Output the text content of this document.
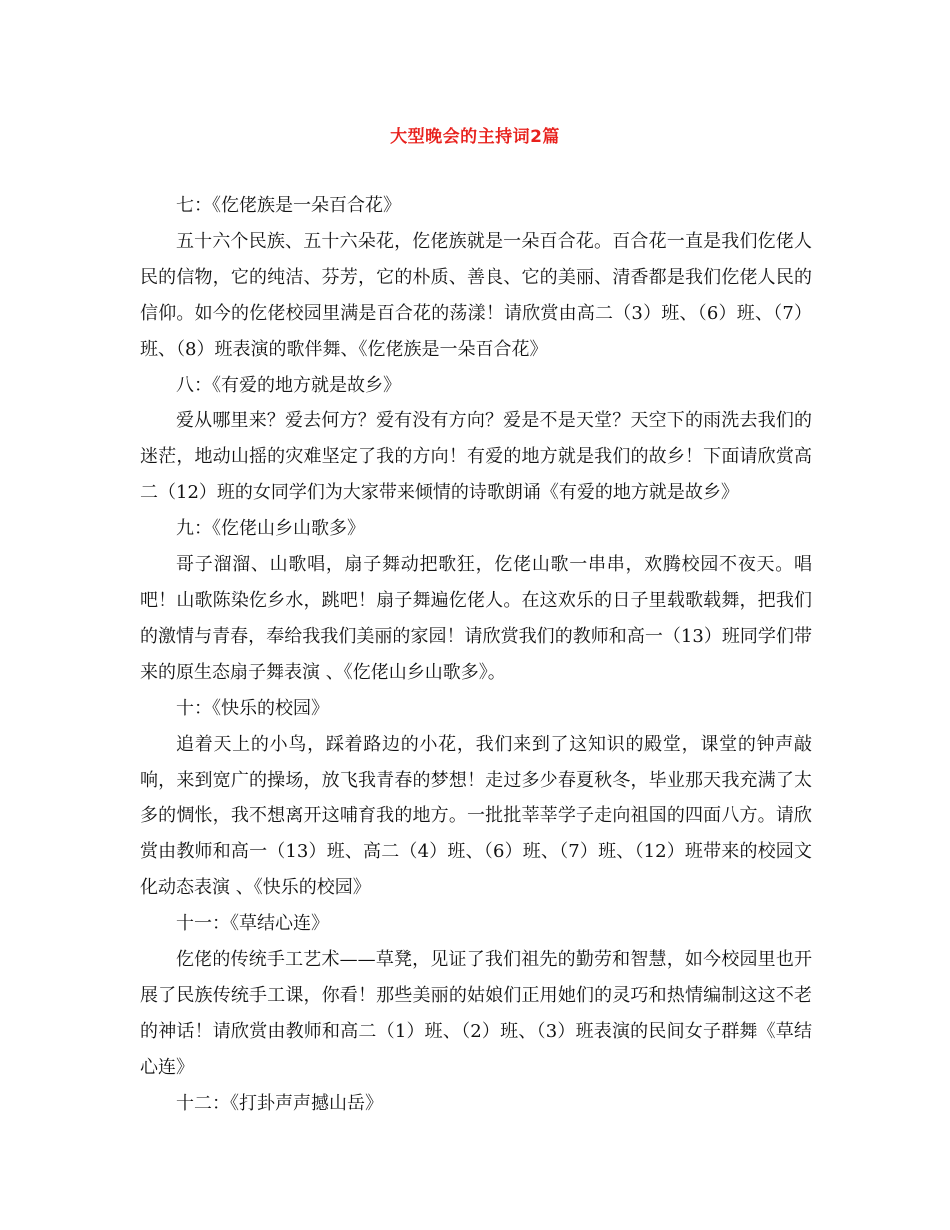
大型晚会的主持词2篇

七：《仡佬族是一朵百合花》

五十六个民族、五十六朵花，仡佬族就是一朵百合花。百合花一直是我们仡佬人民的信物，它的纯洁、芬芳，它的朴质、善良、它的美丽、清香都是我们仡佬人民的信仰。如今的仡佬校园里满是百合花的荡漾！请欣赏由高二（3）班、（6）班、（7）班、（8）班表演的歌伴舞、《仡佬族是一朵百合花》

八：《有爱的地方就是故乡》

爱从哪里来？爱去何方？爱有没有方向？爱是不是天堂？天空下的雨洗去我们的迷茫，地动山摇的灾难坚定了我的方向！有爱的地方就是我们的故乡！下面请欣赏高二（12）班的女同学们为大家带来倾情的诗歌朗诵《有爱的地方就是故乡》

九：《仡佬山乡山歌多》

哥子溜溜、山歌唱，扇子舞动把歌狂，仡佬山歌一串串，欢腾校园不夜天。唱吧！山歌陈染仡乡水，跳吧！扇子舞遍仡佬人。在这欢乐的日子里载歌载舞，把我们的激情与青春，奉给我我们美丽的家园！请欣赏我们的教师和高一（13）班同学们带来的原生态扇子舞表演 、《仡佬山乡山歌多》。

十：《快乐的校园》

追着天上的小鸟，踩着路边的小花，我们来到了这知识的殿堂，课堂的钟声敲响，来到宽广的操场，放飞我青春的梦想！走过多少春夏秋冬，毕业那天我充满了太多的惆怅，我不想离开这哺育我的地方。一批批莘莘学子走向祖国的四面八方。请欣赏由教师和高一（13）班、高二（4）班、（6）班、（7）班、（12）班带来的校园文化动态表演 、《快乐的校园》

十一：《草结心连》

仡佬的传统手工艺术——草凳，见证了我们祖先的勤劳和智慧，如今校园里也开展了民族传统手工课，你看！那些美丽的姑娘们正用她们的灵巧和热情编制这这不老的神话！请欣赏由教师和高二（1）班、（2）班、（3）班表演的民间女子群舞《草结心连》

十二：《打卦声声撼山岳》
